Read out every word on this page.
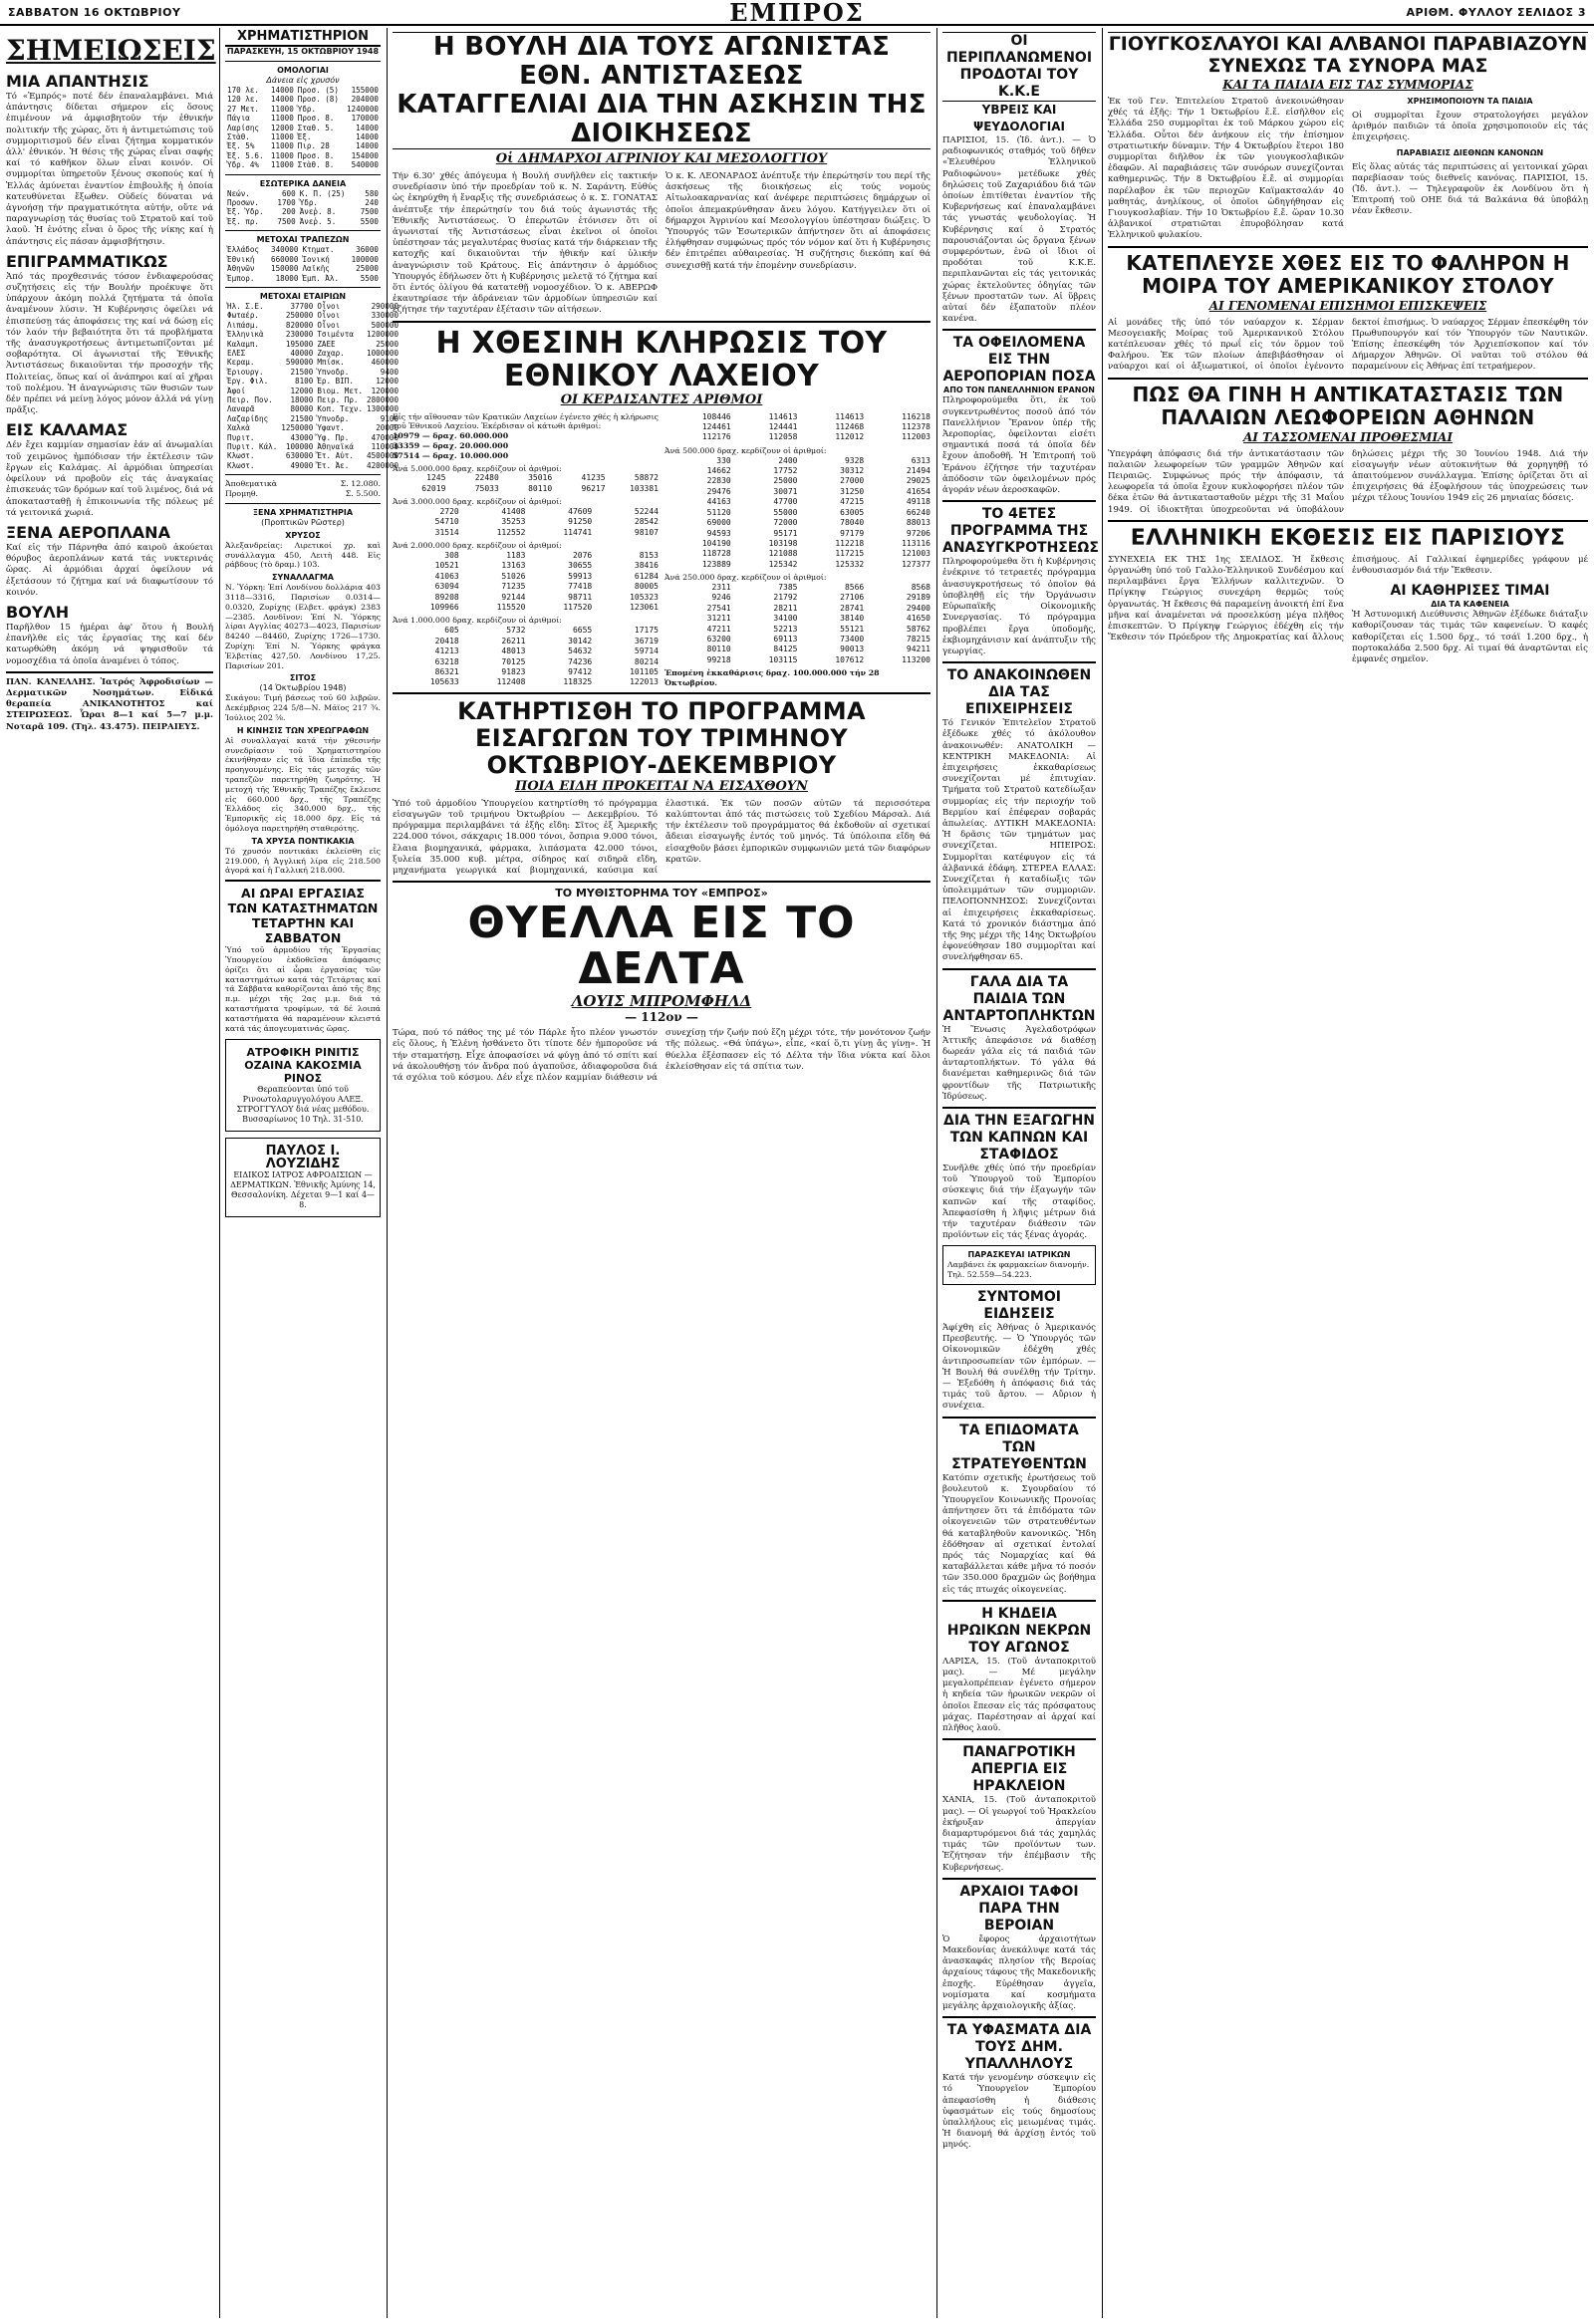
ΣΑΒΒΑΤΟΝ 16 ΟΚΤΩΒΡΙΟΥ	ΕΜΠΡΟΣ	ΑΡΙΘΜ. ΦΥΛΛΟΥ ΣΕΛΙΔΟΣ 3
ΣΗΜΕΙΩΣΕΙΣ
ΜΙΑ ΑΠΑΝΤΗΣΙΣ
Τό «Ἐμπρός» ποτέ δέν ἐπαναλαμβάνει. Μιά ἀπάντησις δίδεται σήμερον εἰς ὅσους ἐπιμένουν νά ἀμφισβητοῦν τήν ἐθνικήν πολιτικήν τῆς χώρας, ὅτι ἡ ἀντιμετώπισις τοῦ συμμοριτισμοῦ δέν εἶναι ζήτημα κομματικόν ἀλλ' ἐθνικόν. Ἡ θέσις τῆς χώρας εἶναι σαφής καί τό καθῆκον ὅλων εἶναι κοινόν. Οἱ συμμορίται ὑπηρετοῦν ξένους σκοπούς καί ἡ Ἑλλάς ἀμύνεται ἐναντίον ἐπιβουλῆς ἡ ὁποία κατευθύνεται ἔξωθεν. Οὐδείς δύναται νά ἀγνοήσῃ τήν πραγματικότητα αὐτήν, οὔτε νά παραγνωρίσῃ τάς θυσίας τοῦ Στρατοῦ καί τοῦ λαοῦ. Ἡ ἑνότης εἶναι ὁ ὅρος τῆς νίκης καί ἡ ἀπάντησις εἰς πάσαν ἀμφισβήτησιν.
ΕΠΙΓΡΑΜΜΑΤΙΚΩΣ
Ἀπό τάς προχθεσινάς τόσον ἐνδιαφερούσας συζητήσεις εἰς τήν Βουλήν προέκυψε ὅτι ὑπάρχουν ἀκόμη πολλά ζητήματα τά ὁποῖα ἀναμένουν λύσιν. Ἡ Κυβέρνησις ὀφείλει νά ἐπισπεύσῃ τάς ἀποφάσεις της καί νά δώσῃ εἰς τόν λαόν τήν βεβαιότητα ὅτι τά προβλήματα τῆς ἀνασυγκροτήσεως ἀντιμετωπίζονται μέ σοβαρότητα. Οἱ ἀγωνισταί τῆς Ἐθνικῆς Ἀντιστάσεως δικαιοῦνται τήν προσοχήν τῆς Πολιτείας, ὅπως καί οἱ ἀνάπηροι καί αἱ χῆραι τοῦ πολέμου. Ἡ ἀναγνώρισις τῶν θυσιῶν των δέν πρέπει νά μείνῃ λόγος μόνον ἀλλά νά γίνῃ πρᾶξις.
ΕΙΣ ΚΑΛΑΜΑΣ
Δέν ἔχει καμμίαν σημασίαν ἐάν αἱ ἀνωμαλίαι τοῦ χειμῶνος ἠμπόδισαν τήν ἐκτέλεσιν τῶν ἔργων εἰς Καλάμας. Αἱ ἀρμόδιαι ὑπηρεσίαι ὀφείλουν νά προβοῦν εἰς τάς ἀναγκαίας ἐπισκευάς τῶν δρόμων καί τοῦ λιμένος, διά νά ἀποκατασταθῇ ἡ ἐπικοινωνία τῆς πόλεως μέ τά γειτονικά χωριά.
ΞΕΝΑ ΑΕΡΟΠΛΑΝΑ
Καί εἰς τήν Πάρνηθα ἀπό καιροῦ ἀκούεται θόρυβος ἀεροπλάνων κατά τάς νυκτερινάς ὥρας. Αἱ ἀρμόδιαι ἀρχαί ὀφείλουν νά ἐξετάσουν τό ζήτημα καί νά διαφωτίσουν τό κοινόν.
ΒΟΥΛΗ
Παρῆλθον 15 ἡμέραι ἀφ' ὅτου ἡ Βουλή ἐπανῆλθε εἰς τάς ἐργασίας της καί δέν κατωρθώθη ἀκόμη νά ψηφισθοῦν τά νομοσχέδια τά ὁποῖα ἀναμένει ὁ τόπος.
ΠΑΝ. ΚΑΝΕΛΛΗΣ. Ἰατρός Ἀφροδισίων — Δερματικῶν Νοσημάτων. Εἰδικά θεραπεία ΑΝΙΚΑΝΟΤΗΤΟΣ καί ΣΤΕΙΡΩΣΕΩΣ. Ὧραι 8—1 καί 5—7 μ.μ. Νοταρᾶ 109. (Τηλ. 43.475). ΠΕΙΡΑΙΕΥΣ.
ΧΡΗΜΑΤΙΣΤΗΡΙΟΝ
ΠΑΡΑΣΚΕΥΗ, 15 ΟΚΤΩΒΡΙΟΥ 1948
ΟΜΟΛΟΓΙΑΙ
Δάνεια εἰς χρυσόν
170 λε.	14000	Προσ. (5)	155000
120 λε.	14000	Προσ. (8)	204000
27 Μετ.	11000	Ὑδρ.	1240000
Πάγια	11000	Προσ. 8.	170000
Λαρίσης	12000	Σταθ. 5.	14000
Στὰθ.	11000	Ἐξ.	14000
Ἐξ. 5%	11000	Πιρ. 28	14000
Ἐξ. 5.6.	11000	Προσ. 8.	154000
Ὑδρ. 4%	11000	Στὰθ. 8.	540000
ΕΣΩΤΕΡΙΚΑ ΔΑΝΕΙΑ
Νεών.	600	Κ. Π. (25)	580
Προσων.	1700	Ὑδρ.	240
Ἐξ. Ὑδρ.	200	Ἀνεῤ. 8.	7500
Ἐξ. πρ.	7500	Ἀνεῤ. 5.	5500
ΜΕΤΟΧΑΙ ΤΡΑΠΕΖΩΝ
Ἑλλάδος	340000	Κτηματ.	36000
Ἐθνική	660000	Ἰονική	100000
Ἀθηνῶν	150000	Λαϊκῆς	25000
Ἐμπορ.	18000	Ἐμπ. Ἀλ.	5500
ΜΕΤΟΧΑΙ ΕΤΑΙΡΙΩΝ
Ἡλ. Σ.Ε.	37700	Οἶνοι	290000
Φωταέρ.	250000	Οἶνοι	330000
Λιπάσμ.	820000	Οἶνοι	500000
Ἐλληνικὰ	230000	Τσιμέντα	1200000
Καλαμπ.	195000	ΖΑΕΕ	25000
ΕΛΕΣ	40000	Ζαχαρ.	1000000
Κεραμ.	590000	Μπίσκ.	460000
Ἐριουργ.	21500	Ὑπνοδρ.	9400
Ἐργ. Φιλ.	8100	Ἐρ. ΒΙΠ.	12000
Ἀφοί	12000	Βιομ. Μετ.	120000
Πειρ. Πον.	18000	Πειρ. Πρ.	2800000
Λαναρᾶ	80000	Κοπ. Τεχν.	1300000
Λαζαρίδης	21500	Ὑπνοδρ.	9100
Χαλκὰ	1250000	Ὑφαντ.	20000
Πυριτ.	43000	Ὕφ. Πρ.	470000
Πυριτ. Κάλ.	100000	Ἀθηναϊκά	110000
Κλωστ.	630000	Ἔτ. Αὐτ.	4500000
Κλωστ.	49000	Ἔτ. Ἀε.	4200000
Ἀποθεματικὰ	Σ. 12.080.
Προμηθ.	Σ. 5.500.
ΞΕΝΑ ΧΡΗΜΑΤΙΣΤΗΡΙΑ
(Προπτικῶν Ρῶστερ)
ΧΡΥΣΟΣ
Ἀλεξανδρείας: Λιρετικοί χρ. καὶ συνάλλαγμα 450, Λειτὴ 448. Εἰς ράβδους (τὸ δραμ.) 103.
ΣΥΝΑΛΛΑΓΜΑ
Ν. Ὑόρκη: Ἐπί Λονδίνου δολλάρια 403 3118—3316, Παρισίων 0.0314—0.0320, Ζυρίχης (Ελβετ. φράγκ) 2383 —2385. Λονδῖνον: Ἐπί Ν. Ὑόρκης λίραι Αγγλίας 40273—4023, Παρισίων 84240 —84460, Ζυρίχης 1726—1730. Ζυρίχη: Ἐπί Ν. Ὑόρκης φράγκα Ἐλβετίας 427,50. Λονδίνου 17,25. Παρισίων 201.
ΣΙΤΟΣ
(14 Ὀκτωβρίου 1948)
Σικάγου: Τιμή βάσεως τοῦ 60 λιβρῶν. Δεκέμβριος 224 5/8—Ν. Μάϊος 217 ¾. Ἰούλιος 202 ⅝.
Η ΚΙΝΗΣΙΣ ΤΩΝ ΧΡΕΩΓΡΑΦΩΝ
Αἱ συναλλαγαί κατά τήν χθεσινήν συνεδρίασιν τοῦ Χρηματιστηρίου ἐκινήθησαν εἰς τά ἴδια ἐπίπεδα τῆς προηγουμένης. Εἰς τάς μετοχάς τῶν τραπεζῶν παρετηρήθη ζωηρότης. Ἡ μετοχή τῆς Ἐθνικῆς Τραπέζης ἔκλεισε εἰς 660.000 δρχ., τῆς Τραπέζης Ἑλλάδος εἰς 340.000 δρχ., τῆς Ἐμπορικῆς εἰς 18.000 δρχ. Εἰς τά ὁμόλογα παρετηρήθη σταθερότης.
ΤΑ ΧΡΥΣΑ ΠΟΝΤΙΚΑΚΙΑ
Τό χρυσόν ποντικάκι ἐκλείσθη εἰς 219.000, ἡ Ἀγγλική λίρα εἰς 218.500 ἀγορά καί ἡ Γαλλική 218.000.
ΑΙ ΩΡΑΙ ΕΡΓΑΣΙΑΣ ΤΩΝ ΚΑΤΑΣΤΗΜΑΤΩΝ ΤΕΤΑΡΤΗΝ ΚΑΙ ΣΑΒΒΑΤΟΝ
Ὑπό τοῦ ἁρμοδίου τῆς Ἐργασίας Ὑπουργείου ἐκδοθεῖσα ἀπόφασις ὁρίζει ὅτι αἱ ὧραι ἐργασίας τῶν καταστημάτων κατά τάς Τετάρτας καί τά Σάββατα καθορίζονται ἀπό τῆς 8ης π.μ. μέχρι τῆς 2ας μ.μ. διά τά καταστήματα τροφίμων, τά δέ λοιπά καταστήματα θά παραμένουν κλειστά κατά τάς ἀπογευματινάς ὥρας.
ΑΤΡΟΦΙΚΗ ΡΙΝΙΤΙΣ ΟΖΑΙΝΑ ΚΑΚΟΣΜΙΑ ΡΙΝΟΣ
Θεραπεύονται ὑπό τοῦ Ρινοωτολαρυγγολόγου ΑΛΕΞ. ΣΤΡΟΓΓΥΛΟΥ διά νέας μεθόδου. Βυσσαρίωνος 10 Τηλ. 31-510.
ΠΑΥΛΟΣ Ι. ΛΟΥΖΙΔΗΣ
ΕΙΔΙΚΟΣ ΙΑΤΡΟΣ ΑΦΡΟΔΙΣΙΩΝ — ΔΕΡΜΑΤΙΚΩΝ. Ἐθνικῆς Ἀμύνης 14, Θεσσαλονίκη. Δέχεται 9—1 καί 4—8.
Η ΒΟΥΛΗ ΔΙΑ ΤΟΥΣ ΑΓΩΝΙΣΤΑΣ ΕΘΝ. ΑΝΤΙΣΤΑΣΕΩΣ
ΚΑΤΑΓΓΕΛΙΑΙ ΔΙΑ ΤΗΝ ΑΣΚΗΣΙΝ ΤΗΣ ΔΙΟΙΚΗΣΕΩΣ
Οἱ ΔΗΜΑΡΧΟΙ ΑΓΡΙΝΙΟΥ ΚΑΙ ΜΕΣΟΛΟΓΓΙΟΥ
Τήν 6.30' χθές ἀπόγευμα ἡ Βουλή συνῆλθεν εἰς τακτικήν συνεδρίασιν ὑπό τήν προεδρίαν τοῦ κ. Ν. Σαράντη. Εὐθύς ὡς ἐκηρύχθη ἡ ἔναρξις τῆς συνεδριάσεως ὁ κ. Σ. ΓΟΝΑΤΑΣ ἀνέπτυξε τήν ἐπερώτησίν του διά τούς ἀγωνιστάς τῆς Ἐθνικῆς Ἀντιστάσεως. Ὁ ἐπερωτῶν ἐτόνισεν ὅτι οἱ ἀγωνισταί τῆς Ἀντιστάσεως εἶναι ἐκεῖνοι οἱ ὁποῖοι ὑπέστησαν τάς μεγαλυτέρας θυσίας κατά τήν διάρκειαν τῆς κατοχῆς καί δικαιοῦνται τήν ἠθικήν καί ὑλικήν ἀναγνώρισιν τοῦ Κράτους. Εἰς ἀπάντησιν ὁ ἁρμόδιος Ὑπουργός ἐδήλωσεν ὅτι ἡ Κυβέρνησις μελετᾷ τό ζήτημα καί ὅτι ἐντός ὀλίγου θά κατατεθῇ νομοσχέδιον. Ὁ κ. ΑΒΕΡΩΦ ἐκαυτηρίασε τήν ἀδράνειαν τῶν ἁρμοδίων ὑπηρεσιῶν καί ἐζήτησε τήν ταχυτέραν ἐξέτασιν τῶν αἰτήσεων.
Ὁ κ. Κ. ΛΕΟΝΑΡΔΟΣ ἀνέπτυξε τήν ἐπερώτησίν του περί τῆς ἀσκήσεως τῆς διοικήσεως εἰς τούς νομούς Αἰτωλοακαρνανίας καί ἀνέφερε περιπτώσεις δημάρχων οἱ ὁποῖοι ἀπεμακρύνθησαν ἄνευ λόγου. Κατήγγειλεν ὅτι οἱ δήμαρχοι Ἀγρινίου καί Μεσολογγίου ὑπέστησαν διώξεις. Ὁ Ὑπουργός τῶν Ἐσωτερικῶν ἀπήντησεν ὅτι αἱ ἀποφάσεις ἐλήφθησαν συμφώνως πρός τόν νόμον καί ὅτι ἡ Κυβέρνησις δέν ἐπιτρέπει αὐθαιρεσίας. Ἡ συζήτησις διεκόπη καί θά συνεχισθῇ κατά τήν ἑπομένην συνεδρίασιν.
Η ΧΘΕΣΙΝΗ ΚΛΗΡΩΣΙΣ ΤΟΥ ΕΘΝΙΚΟΥ ΛΑΧΕΙΟΥ
ΟΙ ΚΕΡΔΙΣΑΝΤΕΣ ΑΡΙΘΜΟΙ
Εἰς τήν αἴθουσαν τῶν Κρατικῶν Λαχείων ἐγένετο χθές ἡ κλήρωσις τοῦ Ἐθνικοῦ Λαχείου. Ἐκέρδισαν οἱ κάτωθι ἀριθμοί:
10979 — δραχ. 60.000.000
33359 — δραχ. 20.000.000
57514 — δραχ. 10.000.000
Ἀνά 5.000.000 δραχ. κερδίζουν οἱ ἀριθμοί:
1245	22480	35016	41235	58872
62019	75033	80110	96217	103381
Ἀνά 3.000.000 δραχ. κερδίζουν οἱ ἀριθμοί:
2720	41408	47609	52244
54710	35253	91250	28542
31514	112552	114741	98107
Ἀνά 2.000.000 δραχ. κερδίζουν οἱ ἀριθμοί:
308	1183	2076	8153
10521	13163	30655	38416
41063	51026	59913	61284
63094	71235	77418	80005
89208	92144	98711	105323
109966	115520	117520	123061
Ἀνά 1.000.000 δραχ. κερδίζουν οἱ ἀριθμοί:
605	5732	6655	17175
20418	26211	30142	36719
41213	48013	54632	59714
63218	70125	74236	80214
86321	91823	97412	101105
105633	112408	118325	122013
108446	114613	114613	116218
124461	124441	112468	112378
112176	112058	112012	112003
Ἀνά 500.000 δραχ. κερδίζουν οἱ ἀριθμοί:
330	2400	9328	6313
14662	17752	30312	21494
22830	25000	27000	29025
29476	30071	31250	41654
44163	47700	47215	49118
51120	55000	63005	66240
69000	72000	78040	88013
94593	95171	97179	97206
104190	103198	112218	113116
118728	121088	117215	121003
123889	125342	125332	127377
Ἀνά 250.000 δραχ. κερδίζουν οἱ ἀριθμοί:
2311	7385	8566	8568
9246	21792	27106	29189
27541	28211	28741	29400
31211	34100	38140	41650
47211	52213	55121	58762
63200	69113	73400	78215
80110	84125	90013	94211
99218	103115	107612	113200
Ἑπομένη ἐκκαθάρισις δραχ. 100.000.000 τήν 28 Ὀκτωβρίου.
ΚΑΤΗΡΤΙΣΘΗ ΤΟ ΠΡΟΓΡΑΜΜΑ ΕΙΣΑΓΩΓΩΝ ΤΟΥ ΤΡΙΜΗΝΟΥ ΟΚΤΩΒΡΙΟΥ-ΔΕΚΕΜΒΡΙΟΥ
ΠΟΙΑ ΕΙΔΗ ΠΡΟΚΕΙΤΑΙ ΝΑ ΕΙΣΑΧΘΟΥΝ
Ὑπό τοῦ ἁρμοδίου Ὑπουργείου κατηρτίσθη τό πρόγραμμα εἰσαγωγῶν τοῦ τριμήνου Ὀκτωβρίου — Δεκεμβρίου. Τό πρόγραμμα περιλαμβάνει τά ἑξῆς εἴδη: Σῖτος ἐξ Ἀμερικῆς 224.000 τόνοι, σάκχαρις 18.000 τόνοι, ὄσπρια 9.000 τόνοι, ἔλαια βιομηχανικά, φάρμακα, λιπάσματα 42.000 τόνοι, ξυλεία 35.000 κυβ. μέτρα, σίδηρος καί σιδηρᾶ εἴδη, μηχανήματα γεωργικά καί βιομηχανικά, καύσιμα καί ἐλαστικά. Ἐκ τῶν ποσῶν αὐτῶν τά περισσότερα καλύπτονται ἀπό τάς πιστώσεις τοῦ Σχεδίου Μάρσαλ. Διά τήν ἐκτέλεσιν τοῦ προγράμματος θά ἐκδοθοῦν αἱ σχετικαί ἄδειαι εἰσαγωγῆς ἐντός τοῦ μηνός. Τά ὑπόλοιπα εἴδη θά εἰσαχθοῦν βάσει ἐμπορικῶν συμφωνιῶν μετά τῶν διαφόρων κρατῶν.
ΤΟ ΜΥΘΙΣΤΟΡΗΜΑ ΤΟΥ «ΕΜΠΡΟΣ»
ΘΥΕΛΛΑ ΕΙΣ ΤΟ ΔΕΛΤΑ
ΛΟΥΙΣ ΜΠΡΟΜΦΗΛΔ
— 112ον —
Τώρα, πού τό πάθος της μέ τόν Πάρλε ἦτο πλέον γνωστόν εἰς ὅλους, ἡ Ἐλένη ἠσθάνετο ὅτι τίποτε δέν ἠμποροῦσε νά τήν σταματήσῃ. Εἶχε ἀποφασίσει νά φύγῃ ἀπό τό σπίτι καί νά ἀκολουθήσῃ τόν ἄνδρα πού ἀγαποῦσε, ἀδιαφοροῦσα διά τά σχόλια τοῦ κόσμου. Δέν εἶχε πλέον καμμίαν διάθεσιν νά συνεχίσῃ τήν ζωήν πού ἔζη μέχρι τότε, τήν μονότονον ζωήν τῆς πόλεως. «Θά ὑπάγω», εἶπε, «καί ὅ,τι γίνῃ ἄς γίνῃ». Ἡ θύελλα ἐξέσπασεν εἰς τό Δέλτα τήν ἴδια νύκτα καί ὅλοι ἐκλείσθησαν εἰς τά σπίτια των.
ΟΙ ΠΕΡΙΠΛΑΝΩΜΕΝΟΙ ΠΡΟΔΟΤΑΙ ΤΟΥ Κ.Κ.Ε
ΥΒΡΕΙΣ ΚΑΙ ΨΕΥΔΟΛΟΓΙΑΙ
ΠΑΡΙΣΙΟΙ, 15. (Ἰδ. ἀντ.). — Ὁ ραδιοφωνικός σταθμός τοῦ δῆθεν «Ἐλευθέρου Ἑλληνικοῦ Ραδιοφώνου» μετέδωκε χθές δηλώσεις τοῦ Ζαχαριάδου διά τῶν ὁποίων ἐπιτίθεται ἐναντίον τῆς Κυβερνήσεως καί ἐπαναλαμβάνει τάς γνωστάς ψευδολογίας. Ἡ Κυβέρνησις καί ὁ Στρατός παρουσιάζονται ὡς ὄργανα ξένων συμφερόντων, ἐνῶ οἱ ἴδιοι οἱ προδόται τοῦ Κ.Κ.Ε. περιπλανῶνται εἰς τάς γειτονικάς χώρας ἐκτελοῦντες ὁδηγίας τῶν ξένων προστατῶν των. Αἱ ὕβρεις αὐταί δέν ἐξαπατοῦν πλέον κανένα.
ΤΑ ΟΦΕΙΛΟΜΕΝΑ ΕΙΣ ΤΗΝ ΑΕΡΟΠΟΡΙΑΝ ΠΟΣΑ
ΑΠΟ ΤΟΝ ΠΑΝΕΛΛΗΝΙΟΝ ΕΡΑΝΟΝ
Πληροφορούμεθα ὅτι, ἐκ τοῦ συγκεντρωθέντος ποσοῦ ἀπό τόν Πανελλήνιον Ἔρανον ὑπέρ τῆς Ἀεροπορίας, ὀφείλονται εἰσέτι σημαντικά ποσά τά ὁποῖα δέν ἔχουν ἀποδοθῆ. Ἡ Ἐπιτροπή τοῦ Ἐράνου ἐζήτησε τήν ταχυτέραν ἀπόδοσιν τῶν ὀφειλομένων πρός ἀγοράν νέων ἀεροσκαφῶν.
ΤΟ 4ΕΤΕΣ ΠΡΟΓΡΑΜΜΑ ΤΗΣ ΑΝΑΣΥΓΚΡΟΤΗΣΕΩΣ
Πληροφορούμεθα ὅτι ἡ Κυβέρνησις ἐνέκρινε τό τετραετές πρόγραμμα ἀνασυγκροτήσεως τό ὁποῖον θά ὑποβληθῇ εἰς τήν Ὀργάνωσιν Εὐρωπαϊκῆς Οἰκονομικῆς Συνεργασίας. Τό πρόγραμμα προβλέπει ἔργα ὑποδομῆς, ἐκβιομηχάνισιν καί ἀνάπτυξιν τῆς γεωργίας.
ΤΟ ΑΝΑΚΟΙΝΩΘΕΝ ΔΙΑ ΤΑΣ ΕΠΙΧΕΙΡΗΣΕΙΣ
Τό Γενικόν Ἐπιτελεῖον Στρατοῦ ἐξέδωκε χθές τό ἀκόλουθον ἀνακοινωθέν: ΑΝΑΤΟΛΙΚΗ — ΚΕΝΤΡΙΚΗ ΜΑΚΕΔΟΝΙΑ: Αἱ ἐπιχειρήσεις ἐκκαθαρίσεως συνεχίζονται μέ ἐπιτυχίαν. Τμήματα τοῦ Στρατοῦ κατεδίωξαν συμμορίας εἰς τήν περιοχήν τοῦ Βερμίου καί ἐπέφεραν σοβαράς ἀπωλείας. ΔΥΤΙΚΗ ΜΑΚΕΔΟΝΙΑ: Ἡ δρᾶσις τῶν τμημάτων μας συνεχίζεται. ΗΠΕΙΡΟΣ: Συμμορῖται κατέφυγον εἰς τά ἀλβανικά ἐδάφη. ΣΤΕΡΕΑ ΕΛΛΑΣ: Συνεχίζεται ἡ καταδίωξις τῶν ὑπολειμμάτων τῶν συμμοριῶν. ΠΕΛΟΠΟΝΝΗΣΟΣ: Συνεχίζονται αἱ ἐπιχειρήσεις ἐκκαθαρίσεως. Κατά τό χρονικόν διάστημα ἀπό τῆς 9ης μέχρι τῆς 14ης Ὀκτωβρίου ἐφονεύθησαν 180 συμμορῖται καί συνελήφθησαν 65.
ΓΑΛΑ ΔΙΑ ΤΑ ΠΑΙΔΙΑ ΤΩΝ ΑΝΤΑΡΤΟΠΛΗΚΤΩΝ
Ἡ Ἕνωσις Ἀγελαδοτρόφων Ἀττικῆς ἀπεφάσισε νά διαθέσῃ δωρεάν γάλα εἰς τά παιδιά τῶν ἀνταρτοπλήκτων. Τό γάλα θά διανέμεται καθημερινῶς διά τῶν φροντίδων τῆς Πατριωτικῆς Ἱδρύσεως.
ΔΙΑ ΤΗΝ ΕΞΑΓΩΓΗΝ ΤΩΝ ΚΑΠΝΩΝ ΚΑΙ ΣΤΑΦΙΔΟΣ
Συνῆλθε χθές ὑπό τήν προεδρίαν τοῦ Ὑπουργοῦ τοῦ Ἐμπορίου σύσκεψις διά τήν ἐξαγωγήν τῶν καπνῶν καί τῆς σταφίδος. Ἀπεφασίσθη ἡ λῆψις μέτρων διά τήν ταχυτέραν διάθεσιν τῶν προϊόντων εἰς τάς ξένας ἀγοράς.
ΠΑΡΑΣΚΕΥΑΙ ΙΑΤΡΙΚΩΝ
Λαμβάνει ἐκ φαρμακείων διανομήν. Τηλ. 52.559—54.223.
ΣΥΝΤΟΜΟΙ ΕΙΔΗΣΕΙΣ
Ἀφίχθη εἰς Ἀθήνας ὁ Ἀμερικανός Πρεσβευτής. — Ὁ Ὑπουργός τῶν Οἰκονομικῶν ἐδέχθη χθές ἀντιπροσωπείαν τῶν ἐμπόρων. — Ἡ Βουλή θά συνέλθῃ τήν Τρίτην. — Ἐξεδόθη ἡ ἀπόφασις διά τάς τιμάς τοῦ ἄρτου. — Αὔριον ἡ συνέχεια.
ΤΑ ΕΠΙΔΟΜΑΤΑ ΤΩΝ ΣΤΡΑΤΕΥΘΕΝΤΩΝ
Κατόπιν σχετικῆς ἐρωτήσεως τοῦ βουλευτοῦ κ. Σγουρδαίου τό Ὑπουργεῖον Κοινωνικῆς Προνοίας ἀπήντησεν ὅτι τά ἐπιδόματα τῶν οἰκογενειῶν τῶν στρατευθέντων θά καταβληθοῦν κανονικῶς. Ἤδη ἐδόθησαν αἱ σχετικαί ἐντολαί πρός τάς Νομαρχίας καί θά καταβάλλεται κάθε μῆνα τό ποσόν τῶν 350.000 δραχμῶν ὡς βοήθημα εἰς τάς πτωχάς οἰκογενείας.
Η ΚΗΔΕΙΑ ΗΡΩΙΚΩΝ ΝΕΚΡΩΝ ΤΟΥ ΑΓΩΝΟΣ
ΛΑΡΙΣΑ, 15. (Τοῦ ἀνταποκριτοῦ μας). — Μέ μεγάλην μεγαλοπρέπειαν ἐγένετο σήμερον ἡ κηδεία τῶν ἡρωικῶν νεκρῶν οἱ ὁποῖοι ἔπεσαν εἰς τάς πρόσφατους μάχας. Παρέστησαν αἱ ἀρχαί καί πλῆθος λαοῦ.
ΠΑΝΑΓΡΟΤΙΚΗ ΑΠΕΡΓΙΑ ΕΙΣ ΗΡΑΚΛΕΙΟΝ
ΧΑΝΙΑ, 15. (Τοῦ ἀνταποκριτοῦ μας). — Οἱ γεωργοί τοῦ Ἡρακλείου ἐκήρυξαν ἀπεργίαν διαμαρτυρόμενοι διά τάς χαμηλάς τιμάς τῶν προϊόντων των. Ἐζήτησαν τήν ἐπέμβασιν τῆς Κυβερνήσεως.
ΑΡΧΑΙΟΙ ΤΑΦΟΙ ΠΑΡΑ ΤΗΝ ΒΕΡΟΙΑΝ
Ὁ ἔφορος ἀρχαιοτήτων Μακεδονίας ἀνεκάλυψε κατά τάς ἀνασκαφάς πλησίον τῆς Βεροίας ἀρχαίους τάφους τῆς Μακεδονικῆς ἐποχῆς. Εὑρέθησαν ἀγγεῖα, νομίσματα καί κοσμήματα μεγάλης ἀρχαιολογικῆς ἀξίας.
ΤΑ ΥΦΑΣΜΑΤΑ ΔΙΑ ΤΟΥΣ ΔΗΜ. ΥΠΑΛΛΗΛΟΥΣ
Κατά τήν γενομένην σύσκεψιν εἰς τό Ὑπουργεῖον Ἐμπορίου ἀπεφασίσθη ἡ διάθεσις ὑφασμάτων εἰς τούς δημοσίους ὑπαλλήλους εἰς μειωμένας τιμάς. Ἡ διανομή θά ἀρχίσῃ ἐντός τοῦ μηνός.
ΓΙΟΥΓΚΟΣΛΑΥΟΙ ΚΑΙ ΑΛΒΑΝΟΙ ΠΑΡΑΒΙΑΖΟΥΝ ΣΥΝΕΧΩΣ ΤΑ ΣΥΝΟΡΑ ΜΑΣ
ΚΑΙ ΤΑ ΠΑΙΔΙΑ ΕΙΣ ΤΑΣ ΣΥΜΜΟΡΙΑΣ
Ἐκ τοῦ Γεν. Ἐπιτελείου Στρατοῦ ἀνεκοινώθησαν χθές τά ἑξῆς: Τήν 1 Ὀκτωβρίου ἔ.ἔ. εἰσῆλθον εἰς Ἑλλάδα 250 συμμορῖται ἐκ τοῦ Μάρκου χώρου εἰς Ἑλλάδα. Οὗτοι δέν ἀνήκουν εἰς τήν ἐπίσημον στρατιωτικήν δύναμιν. Τήν 4 Ὀκτωβρίου ἕτεροι 180 συμμορῖται διῆλθον ἐκ τῶν γιουγκοσλαβικῶν ἐδαφῶν. Αἱ παραβιάσεις τῶν συνόρων συνεχίζονται καθημερινῶς. Τήν 8 Ὀκτωβρίου ἔ.ἔ. αἱ συμμορίαι παρέλαβον ἐκ τῶν περιοχῶν Καϊμακτσαλάν 40 μαθητάς, ἀνηλίκους, οἱ ὁποῖοι ὡδηγήθησαν εἰς Γιουγκοσλαβίαν. Τήν 10 Ὀκτωβρίου ἔ.ἔ. ὥραν 10.30 ἀλβανικοί στρατιῶται ἐπυροβόλησαν κατά Ἑλληνικοῦ φυλακίου.
ΧΡΗΣΙΜΟΠΟΙΟΥΝ ΤΑ ΠΑΙΔΙΑ
Οἱ συμμορῖται ἔχουν στρατολογήσει μεγάλον ἀριθμόν παιδιῶν τά ὁποῖα χρησιμοποιοῦν εἰς τάς ἐπιχειρήσεις.
ΠΑΡΑΒΙΑΣΙΣ ΔΙΕΘΝΩΝ ΚΑΝΟΝΩΝ
Εἰς ὅλας αὐτάς τάς περιπτώσεις αἱ γειτονικαί χῶραι παρεβίασαν τούς διεθνεῖς κανόνας. ΠΑΡΙΣΙΟΙ, 15. (Ἰδ. ἀντ.). — Τηλεγραφοῦν ἐκ Λονδίνου ὅτι ἡ Ἐπιτροπή τοῦ ΟΗΕ διά τά Βαλκάνια θά ὑποβάλῃ νέαν ἔκθεσιν.
ΚΑΤΕΠΛΕΥΣΕ ΧΘΕΣ ΕΙΣ ΤΟ ΦΑΛΗΡΟΝ Η ΜΟΙΡΑ ΤΟΥ ΑΜΕΡΙΚΑΝΙΚΟΥ ΣΤΟΛΟΥ
ΑΙ ΓΕΝΟΜΕΝΑΙ ΕΠΙΣΗΜΟΙ ΕΠΙΣΚΕΨΕΙΣ
Αἱ μονάδες τῆς ὑπό τόν ναύαρχον κ. Σέρμαν Μεσογειακῆς Μοίρας τοῦ Ἀμερικανικοῦ Στόλου κατέπλευσαν χθές τό πρωΐ εἰς τόν ὅρμον τοῦ Φαλήρου. Ἐκ τῶν πλοίων ἀπεβιβάσθησαν οἱ ναύαρχοι καί οἱ ἀξιωματικοί, οἱ ὁποῖοι ἐγένοντο δεκτοί ἐπισήμως. Ὁ ναύαρχος Σέρμαν ἐπεσκέφθη τόν Πρωθυπουργόν καί τόν Ὑπουργόν τῶν Ναυτικῶν. Ἐπίσης ἐπεσκέφθη τόν Ἀρχιεπίσκοπον καί τόν Δήμαρχον Ἀθηνῶν. Οἱ ναῦται τοῦ στόλου θά παραμείνουν εἰς Ἀθήνας ἐπί τετραήμερον.
ΠΩΣ ΘΑ ΓΙΝΗ Η ΑΝΤΙΚΑΤΑΣΤΑΣΙΣ ΤΩΝ ΠΑΛΑΙΩΝ ΛΕΩΦΟΡΕΙΩΝ ΑΘΗΝΩΝ
ΑΙ ΤΑΣΣΟΜΕΝΑΙ ΠΡΟΘΕΣΜΙΑΙ
Ὑπεγράφη ἀπόφασις διά τήν ἀντικατάστασιν τῶν παλαιῶν λεωφορείων τῶν γραμμῶν Ἀθηνῶν καί Πειραιῶς. Συμφώνως πρός τήν ἀπόφασιν, τά λεωφορεῖα τά ὁποῖα ἔχουν κυκλοφορήσει πλέον τῶν δέκα ἐτῶν θά ἀντικατασταθοῦν μέχρι τῆς 31 Μαΐου 1949. Οἱ ἰδιοκτῆται ὑποχρεοῦνται νά ὑποβάλουν δηλώσεις μέχρι τῆς 30 Ἰουνίου 1948. Διά τήν εἰσαγωγήν νέων αὐτοκινήτων θά χορηγηθῇ τό ἀπαιτούμενον συνάλλαγμα. Ἐπίσης ὁρίζεται ὅτι αἱ ἐπιχειρήσεις θά ἐξοφλήσουν τάς ὑποχρεώσεις των μέχρι τέλους Ἰουνίου 1949 εἰς 26 μηνιαίας δόσεις.
ΕΛΛΗΝΙΚΗ ΕΚΘΕΣΙΣ ΕΙΣ ΠΑΡΙΣΙΟΥΣ
ΣΥΝΕΧΕΙΑ ΕΚ ΤΗΣ 1ης ΣΕΛΙΔΟΣ. Ἡ ἔκθεσις ὀργανώθη ὑπό τοῦ Γαλλο-Ἑλληνικοῦ Συνδέσμου καί περιλαμβάνει ἔργα Ἑλλήνων καλλιτεχνῶν. Ὁ Πρίγκηψ Γεώργιος συνεχάρη θερμῶς τούς ὀργανωτάς. Ἡ ἔκθεσις θά παραμείνῃ ἀνοικτή ἐπί ἕνα μῆνα καί ἀναμένεται νά προσελκύσῃ μέγα πλῆθος ἐπισκεπτῶν. Ὁ Πρίγκηψ Γεώργιος ἐδέχθη εἰς τήν Ἔκθεσιν τόν Πρόεδρον τῆς Δημοκρατίας καί ἄλλους ἐπισήμους. Αἱ Γαλλικαί ἐφημερίδες γράφουν μέ ἐνθουσιασμόν διά τήν Ἔκθεσιν.
ΑΙ ΚΑΘΗΡΙΣΕΣ ΤΙΜΑΙ
ΔΙΑ ΤΑ ΚΑΦΕΝΕΙΑ
Ἡ Ἀστυνομική Διεύθυνσις Ἀθηνῶν ἐξέδωκε διάταξιν καθορίζουσαν τάς τιμάς τῶν καφενείων. Ὁ καφές καθορίζεται εἰς 1.500 δρχ., τό τσάϊ 1.200 δρχ., ἡ πορτοκαλάδα 2.500 δρχ. Αἱ τιμαί θά ἀναρτῶνται εἰς ἐμφανές σημεῖον.
